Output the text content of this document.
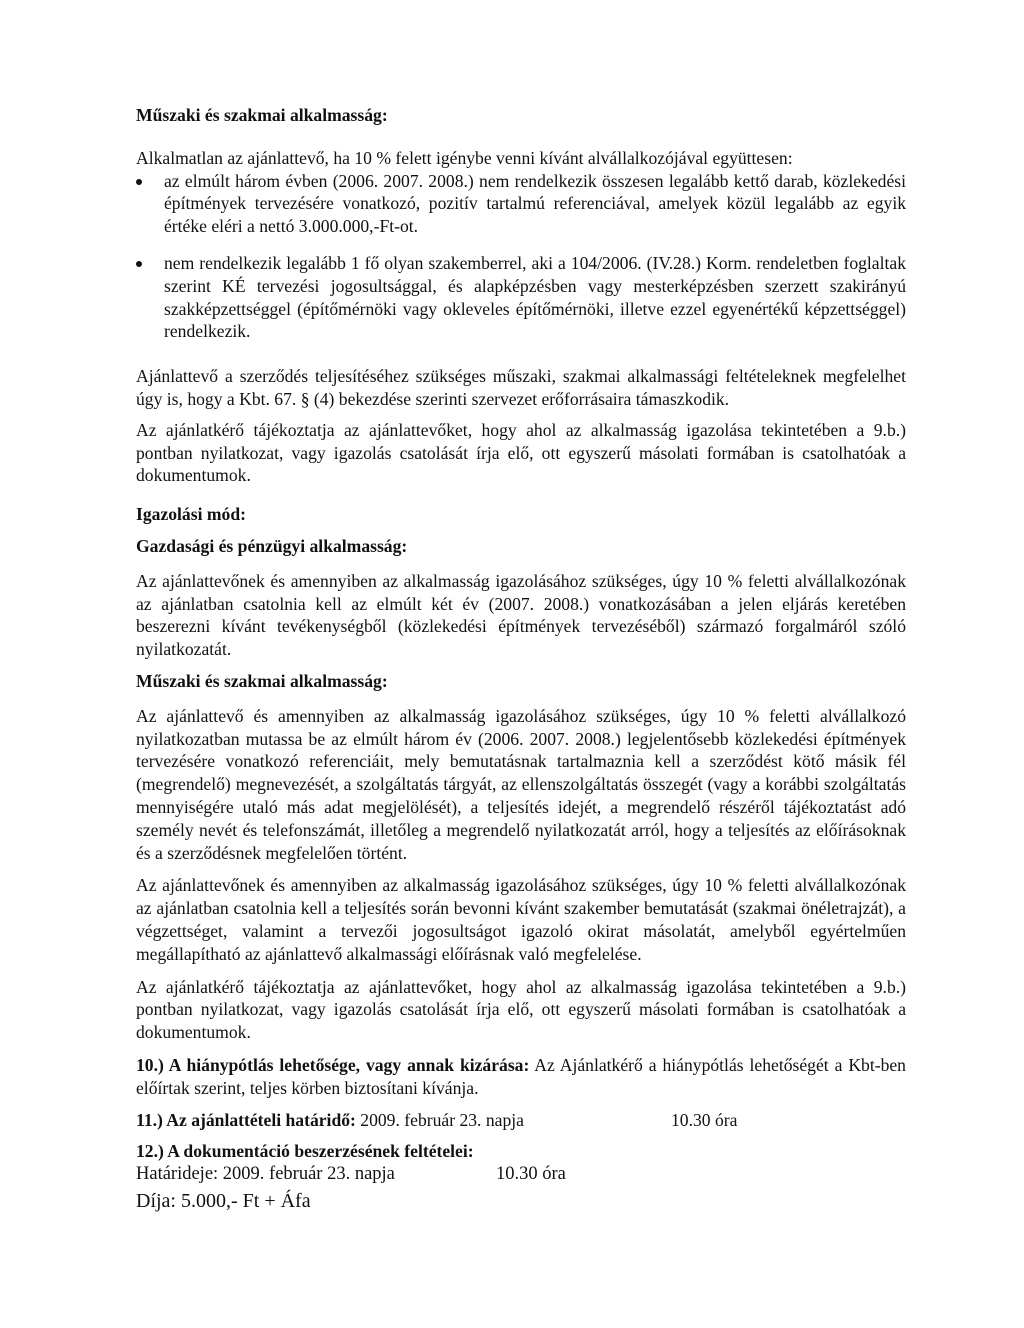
Műszaki és szakmai alkalmasság:

Alkalmatlan az ajánlattevő, ha 10 % felett igénybe venni kívánt alvállalkozójával együttesen:

az elmúlt három évben (2006. 2007. 2008.) nem rendelkezik összesen legalább kettő darab, közlekedési építmények tervezésére vonatkozó, pozitív tartalmú referenciával, amelyek közül legalább az egyik értéke eléri a nettó 3.000.000,-Ft-ot.
nem rendelkezik legalább 1 fő olyan szakemberrel, aki a 104/2006. (IV.28.) Korm. rendeletben foglaltak szerint KÉ tervezési jogosultsággal, és alapképzésben vagy mesterképzésben szerzett szakirányú szakképzettséggel (építőmérnöki vagy okleveles építőmérnöki, illetve ezzel egyenértékű képzettséggel) rendelkezik.

Ajánlattevő a szerződés teljesítéséhez szükséges műszaki, szakmai alkalmassági feltételeknek megfelelhet úgy is, hogy a Kbt. 67. § (4) bekezdése szerinti szervezet erőforrásaira támaszkodik.

Az ajánlatkérő tájékoztatja az ajánlattevőket, hogy ahol az alkalmasság igazolása tekintetében a 9.b.) pontban nyilatkozat, vagy igazolás csatolását írja elő, ott egyszerű másolati formában is csatolhatóak a dokumentumok.

Igazolási mód:

Gazdasági és pénzügyi alkalmasság:

Az ajánlattevőnek és amennyiben az alkalmasság igazolásához szükséges, úgy 10 % feletti alvállalkozónak az ajánlatban csatolnia kell az elmúlt két év (2007. 2008.) vonatkozásában a jelen eljárás keretében beszerezni kívánt tevékenységből (közlekedési építmények tervezéséből) származó forgalmáról szóló nyilatkozatát.

Műszaki és szakmai alkalmasság:

Az ajánlattevő és amennyiben az alkalmasság igazolásához szükséges, úgy 10 % feletti alvállalkozó nyilatkozatban mutassa be az elmúlt három év (2006. 2007. 2008.) legjelentősebb közlekedési építmények tervezésére vonatkozó referenciáit, mely bemutatásnak tartalmaznia kell a szerződést kötő másik fél (megrendelő) megnevezését, a szolgáltatás tárgyát, az ellenszolgáltatás összegét (vagy a korábbi szolgáltatás mennyiségére utaló más adat megjelölését), a teljesítés idejét, a megrendelő részéről tájékoztatást adó személy nevét és telefonszámát, illetőleg a megrendelő nyilatkozatát arról, hogy a teljesítés az előírásoknak és a szerződésnek megfelelően történt.

Az ajánlattevőnek és amennyiben az alkalmasság igazolásához szükséges, úgy 10 % feletti alvállalkozónak az ajánlatban csatolnia kell a teljesítés során bevonni kívánt szakember bemutatását (szakmai önéletrajzát), a végzettséget, valamint a tervezői jogosultságot igazoló okirat másolatát, amelyből egyértelműen megállapítható az ajánlattevő alkalmassági előírásnak való megfelelése.

Az ajánlatkérő tájékoztatja az ajánlattevőket, hogy ahol az alkalmasság igazolása tekintetében a 9.b.) pontban nyilatkozat, vagy igazolás csatolását írja elő, ott egyszerű másolati formában is csatolhatóak a dokumentumok.

10.) A hiánypótlás lehetősége, vagy annak kizárása: Az Ajánlatkérő a hiánypótlás lehetőségét a Kbt-ben előírtak szerint, teljes körben biztosítani kívánja.

11.) Az ajánlattételi határidő: 2009. február 23. napja	10.30 óra

12.) A dokumentáció beszerzésének feltételei:

Határideje: 2009. február 23. napja	10.30 óra

Díja: 5.000,- Ft + Áfa
